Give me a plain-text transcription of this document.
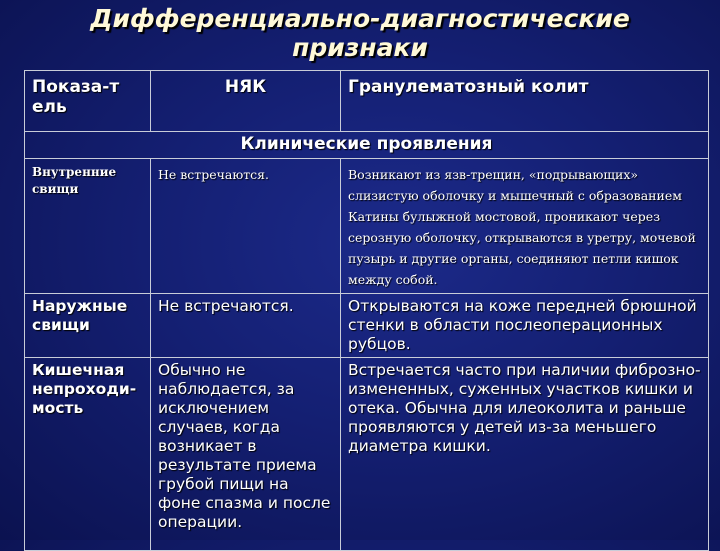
Дифференциально-диагностические
признаки
Показа-т ель	НЯК	Гранулематозный колит
Клинические проявления		
Внутренние свищи	Не встречаются.	Возникают из язв-трещин, «подрывающих» слизистую оболочку и мышечный с образованием Катины булыжной мостовой, проникают через серозную оболочку, открываются в уретру, мочевой пузырь и другие органы, соединяют петли кишок между собой.
Наружные свищи	Не встречаются.	Открываются на коже передней брюшной стенки в области послеоперационных рубцов.
Кишечная непроходи-мость	Обычно не наблюдается, за исключением случаев, когда возникает в результате приема грубой пищи на фоне спазма и после операции.	Встречается часто при наличии фиброзно-измененных, суженных участков кишки и отека. Обычна для илеоколита и раньше проявляются у детей из-за меньшего диаметра кишки.
